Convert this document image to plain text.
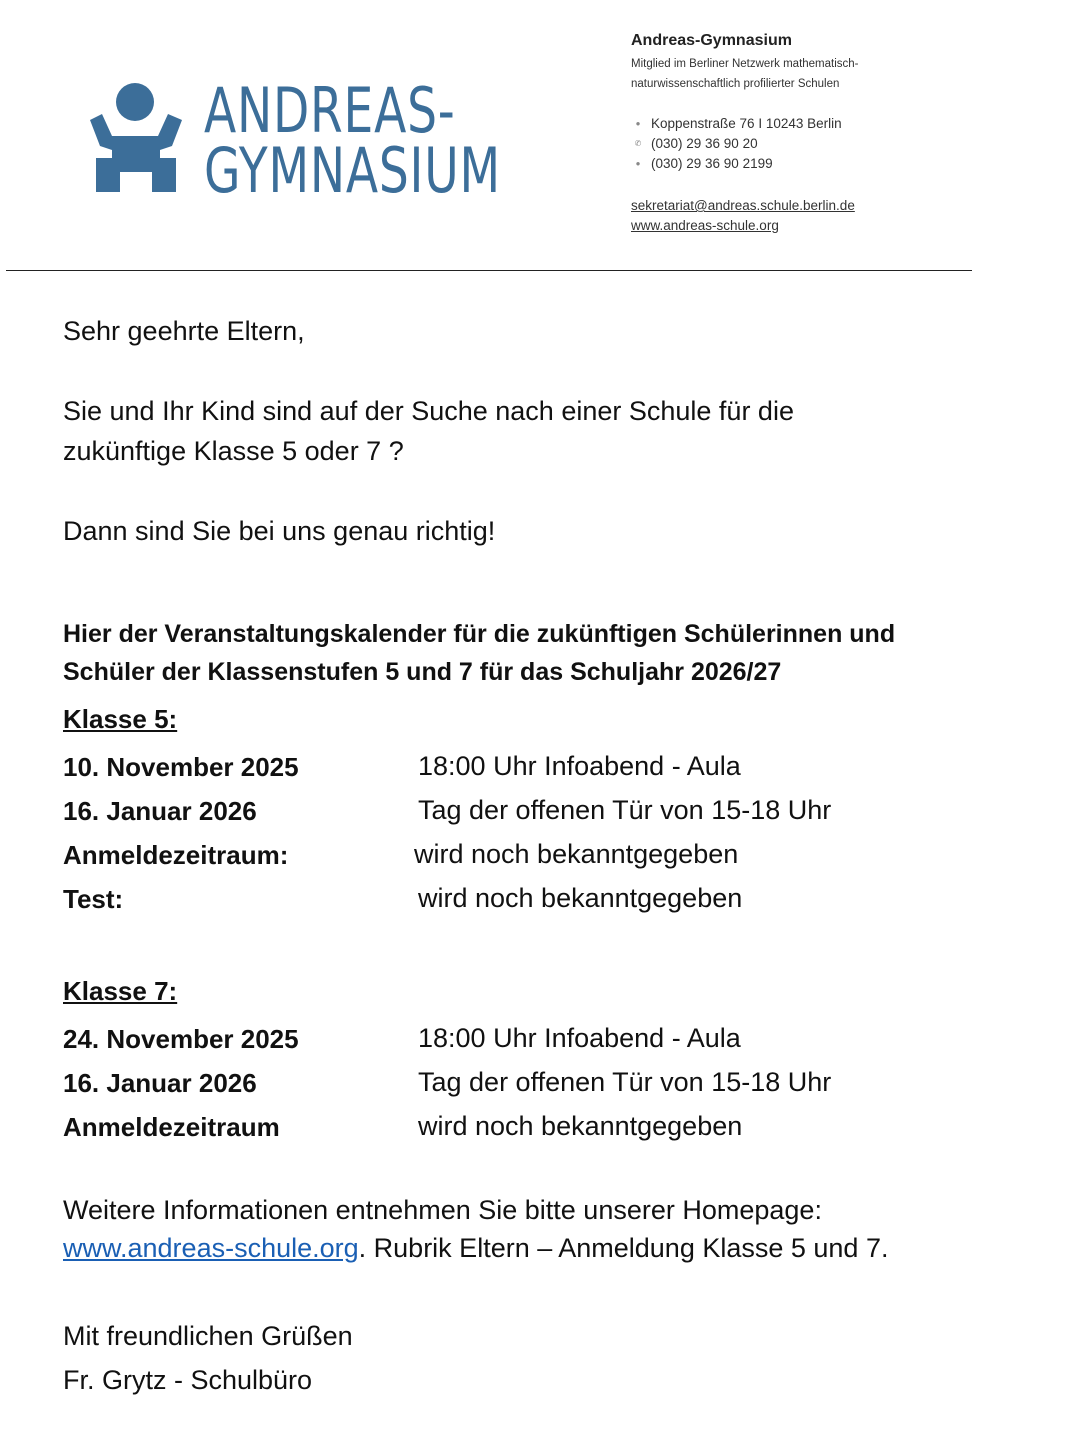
ANDREAS-
GYMNASIUM
Andreas-Gymnasium
Mitglied im Berliner Netzwerk mathematisch-
naturwissenschaftlich profilierter Schulen
● Koppenstraße 76 I 10243 Berlin
✆ (030) 29 36 90 20
● (030) 29 36 90 2199
sekretariat@andreas.schule.berlin.de
www.andreas-schule.org
Sehr geehrte Eltern,
Sie und Ihr Kind sind auf der Suche nach einer Schule für die
zukünftige Klasse 5 oder 7 ?
Dann sind Sie bei uns genau richtig!
Hier der Veranstaltungskalender für die zukünftigen Schülerinnen und
Schüler der Klassenstufen 5 und 7 für das Schuljahr 2026/27
Klasse 5:
10. November 2025	18:00 Uhr Infoabend - Aula
16. Januar 2026	Tag der offenen Tür von 15-18 Uhr
Anmeldezeitraum:	wird noch bekanntgegeben
Test:	wird noch bekanntgegeben
Klasse 7:
24. November 2025	18:00 Uhr Infoabend - Aula
16. Januar 2026	Tag der offenen Tür von 15-18 Uhr
Anmeldezeitraum	wird noch bekanntgegeben
Weitere Informationen entnehmen Sie bitte unserer Homepage:
www.andreas-schule.org. Rubrik Eltern – Anmeldung Klasse 5 und 7.
Mit freundlichen Grüßen
Fr. Grytz - Schulbüro
